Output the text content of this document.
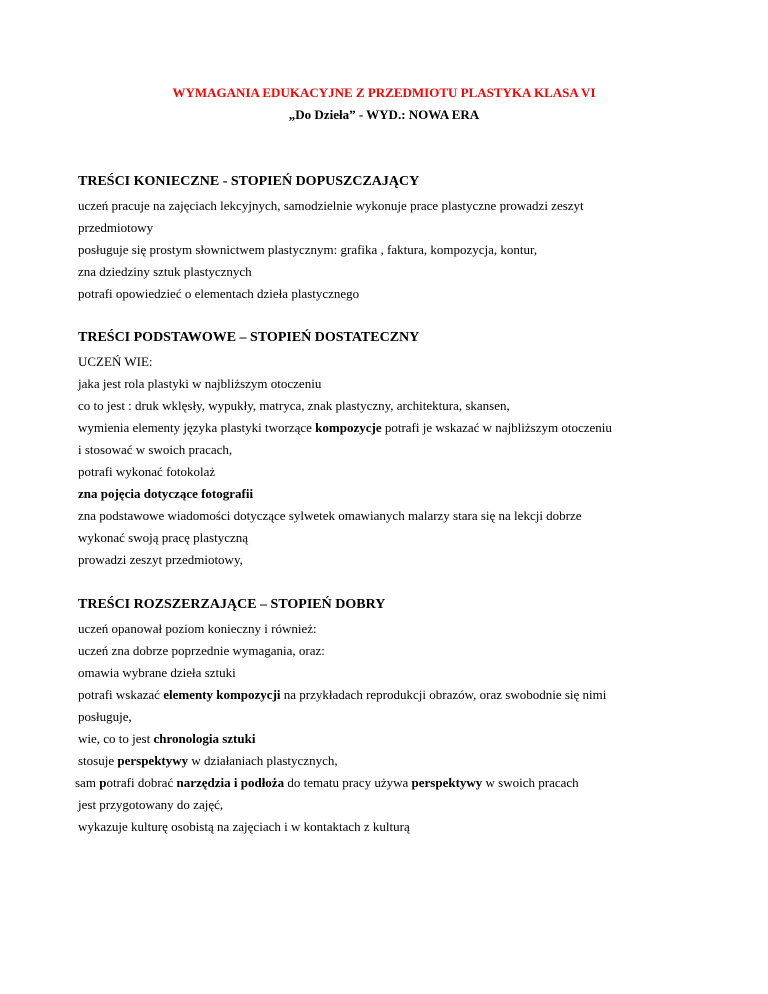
WYMAGANIA EDUKACYJNE Z PRZEDMIOTU PLASTYKA KLASA VI
„Do Dzieła” - WYD.: NOWA ERA
TREŚCI KONIECZNE - STOPIEŃ DOPUSZCZAJĄCY
uczeń pracuje na zajęciach lekcyjnych, samodzielnie wykonuje prace plastyczne prowadzi zeszyt
przedmiotowy
posługuje się prostym słownictwem plastycznym: grafika , faktura, kompozycja, kontur,
zna dziedziny sztuk plastycznych
potrafi opowiedzieć o elementach dzieła plastycznego
TREŚCI PODSTAWOWE – STOPIEŃ DOSTATECZNY
UCZEŃ WIE:
jaka jest rola plastyki w najbliższym otoczeniu
co to jest : druk wklęsły, wypukły, matryca, znak plastyczny, architektura, skansen,
wymienia elementy języka plastyki tworzące kompozycje potrafi je wskazać w najbliższym otoczeniu
i stosować w swoich pracach,
potrafi wykonać fotokolaż
zna pojęcia dotyczące fotografii
zna podstawowe wiadomości dotyczące sylwetek omawianych malarzy stara się na lekcji dobrze
wykonać swoją pracę plastyczną
prowadzi zeszyt przedmiotowy,
TREŚCI ROZSZERZAJĄCE – STOPIEŃ DOBRY
uczeń opanował poziom konieczny i również:
uczeń zna dobrze poprzednie wymagania, oraz:
omawia wybrane dzieła sztuki
potrafi wskazać elementy kompozycji na przykładach reprodukcji obrazów, oraz swobodnie się nimi
posługuje,
wie, co to jest chronologia sztuki
stosuje perspektywy w działaniach plastycznych,
sam potrafi dobrać narzędzia i podłoża do tematu pracy używa perspektywy w swoich pracach
jest przygotowany do zajęć,
wykazuje kulturę osobistą na zajęciach i w kontaktach z kulturą
